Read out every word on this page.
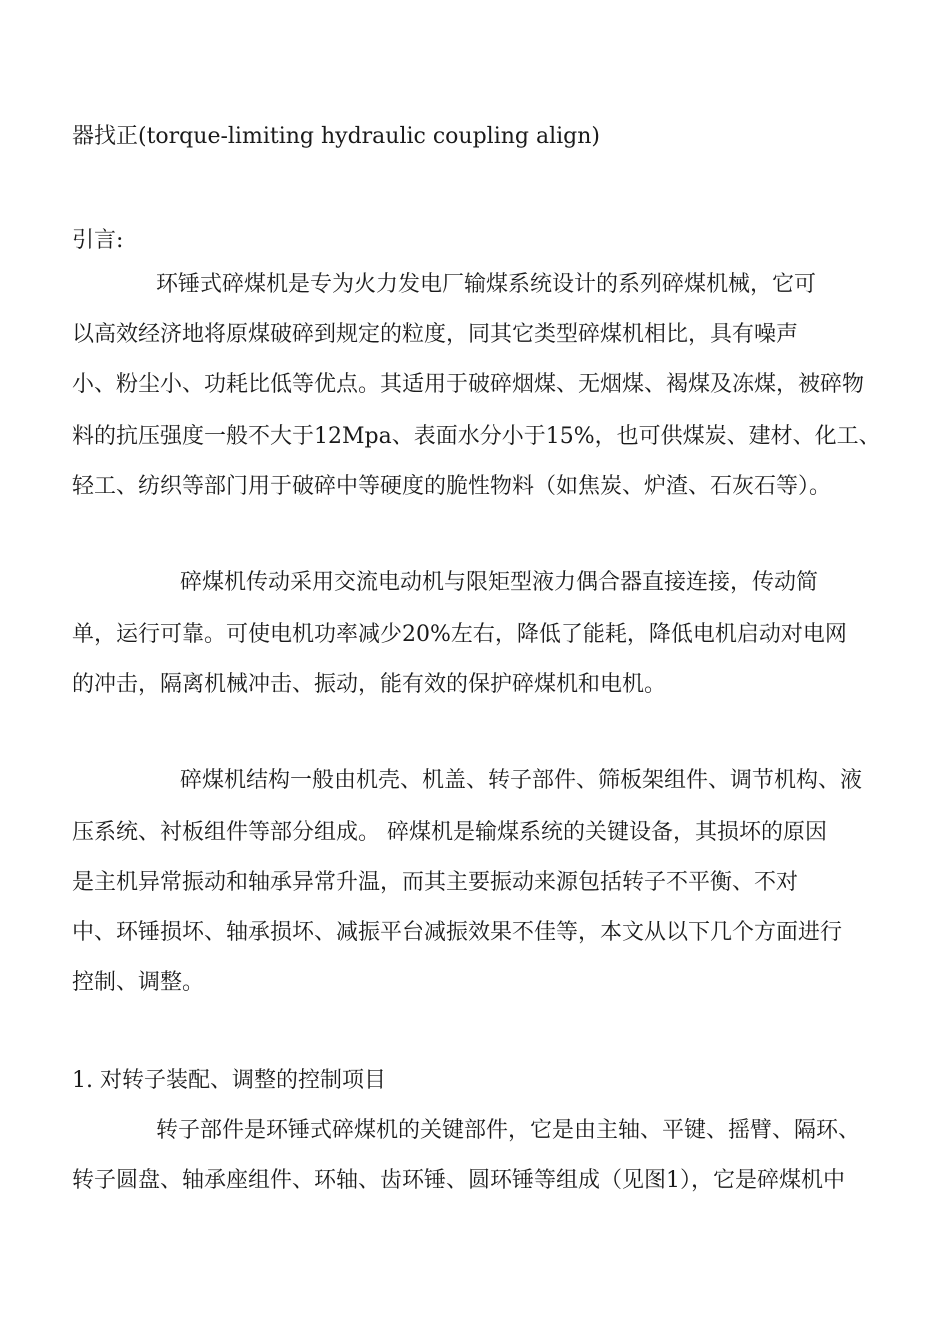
器找正(torque-limiting hydraulic coupling align)
引言:
环锤式碎煤机是专为火力发电厂输煤系统设计的系列碎煤机械，它可
以高效经济地将原煤破碎到规定的粒度，同其它类型碎煤机相比，具有噪声
小、粉尘小、功耗比低等优点。其适用于破碎烟煤、无烟煤、褐煤及冻煤，被碎物
料的抗压强度一般不大于12Mpa、表面水分小于15%，也可供煤炭、建材、化工、
轻工、纺织等部门用于破碎中等硬度的脆性物料（如焦炭、炉渣、石灰石等）。
碎煤机传动采用交流电动机与限矩型液力偶合器直接连接，传动简
单，运行可靠。可使电机功率减少20%左右，降低了能耗，降低电机启动对电网
的冲击，隔离机械冲击、振动，能有效的保护碎煤机和电机。
碎煤机结构一般由机壳、机盖、转子部件、筛板架组件、调节机构、液
压系统、衬板组件等部分组成。 碎煤机是输煤系统的关键设备，其损坏的原因
是主机异常振动和轴承异常升温，而其主要振动来源包括转子不平衡、不对
中、环锤损坏、轴承损坏、减振平台减振效果不佳等，本文从以下几个方面进行
控制、调整。
1. 对转子装配、调整的控制项目
转子部件是环锤式碎煤机的关键部件，它是由主轴、平键、摇臂、隔环、
转子圆盘、轴承座组件、环轴、齿环锤、圆环锤等组成（见图1），它是碎煤机中
